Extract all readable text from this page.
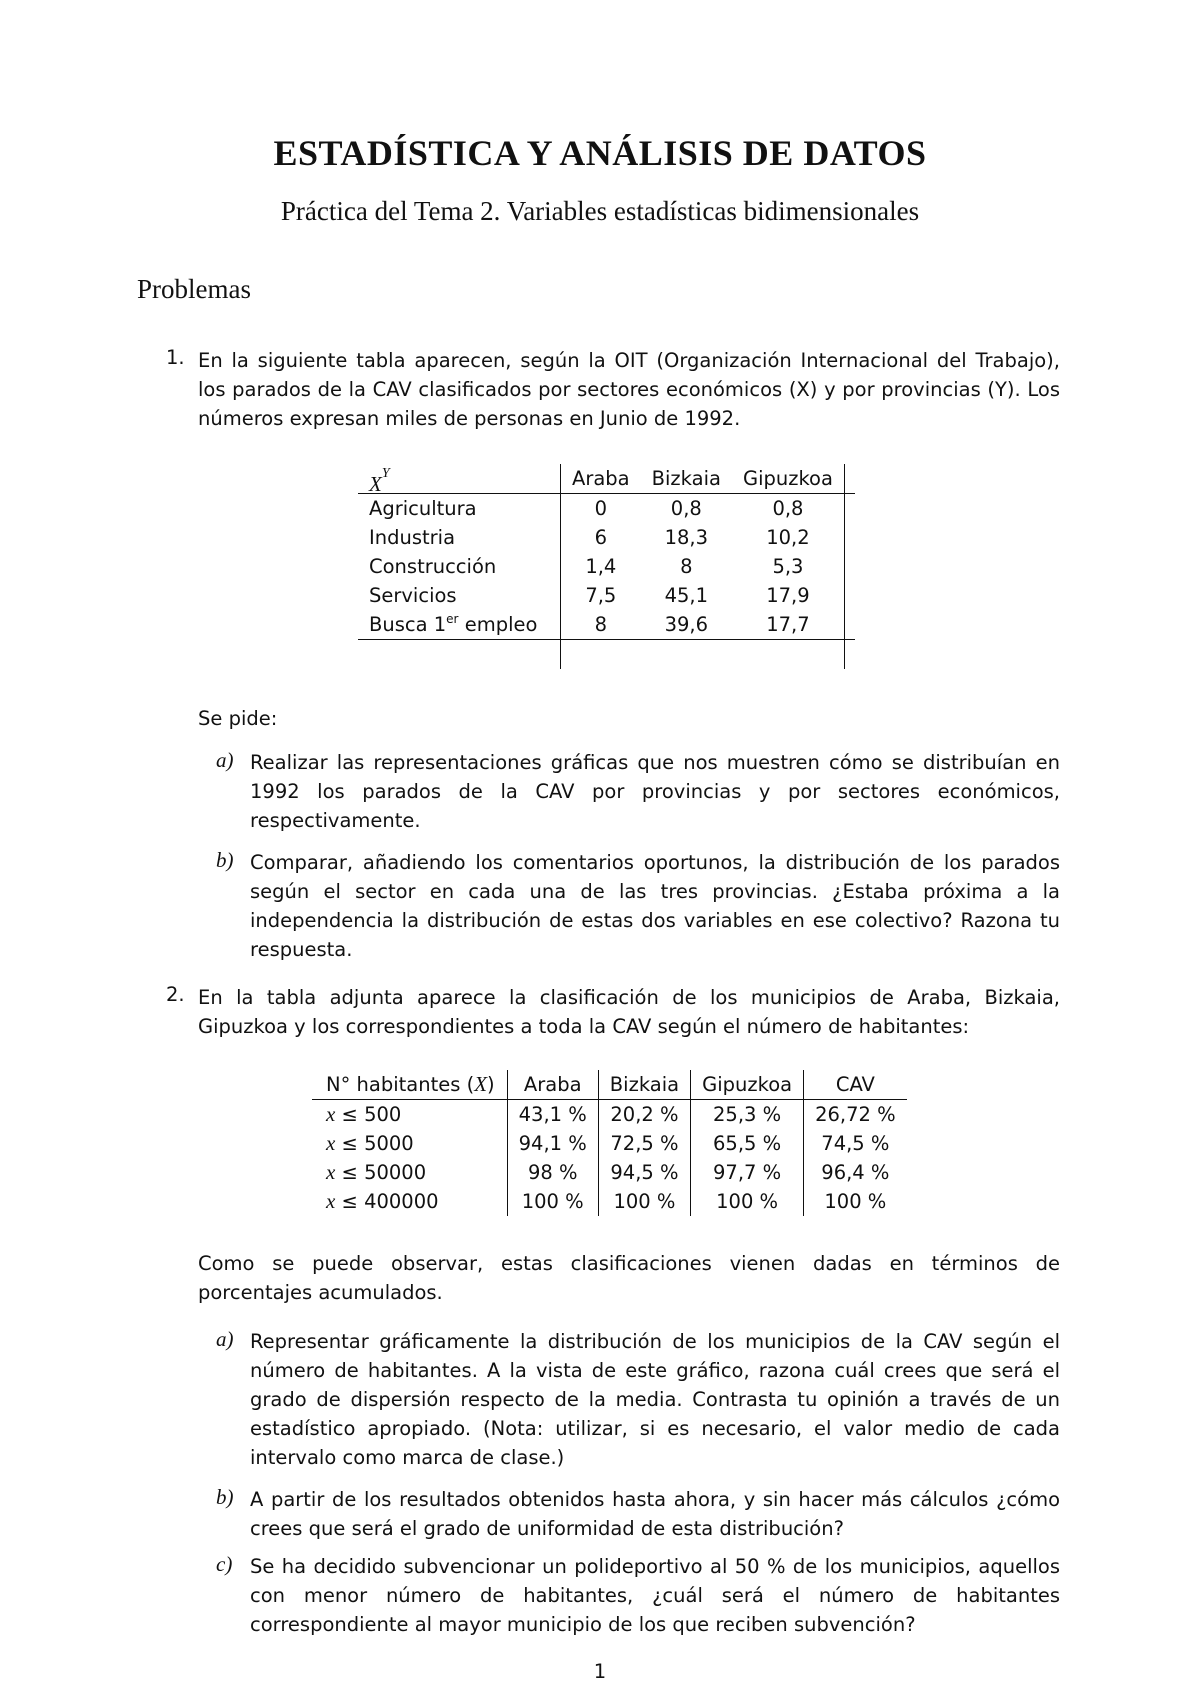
ESTADÍSTICA Y ANÁLISIS DE DATOS
Práctica del Tema 2. Variables estadísticas bidimensionales
Problemas
1. En la siguiente tabla aparecen, según la OIT (Organización Internacional del Trabajo), los parados de la CAV clasificados por sectores económicos (X) y por provincias (Y). Los números expresan miles de personas en Junio de 1992.

$X^Y$	Araba	Bizkaia	Gipuzkoa	
Agricultura	0	0,8	0,8	
Industria	6	18,3	10,2	
Construcción	1,4	8	5,3	
Servicios	7,5	45,1	17,9	
Busca 1er empleo	8	39,6	17,7	

Se pide:

a) Realizar las representaciones gráficas que nos muestren cómo se distribuían en 1992 los parados de la CAV por provincias y por sectores económicos, respectivamente.

b) Comparar, añadiendo los comentarios oportunos, la distribución de los parados según el sector en cada una de las tres provincias. ¿Estaba próxima a la independencia la distribución de estas dos variables en ese colectivo? Razona tu respuesta.

2. En la tabla adjunta aparece la clasificación de los municipios de Araba, Bizkaia, Gipuzkoa y los correspondientes a toda la CAV según el número de habitantes:

N° habitantes (X)	Araba	Bizkaia	Gipuzkoa	CAV
x ≤ 500	43,1 %	20,2 %	25,3 %	26,72 %
x ≤ 5000	94,1 %	72,5 %	65,5 %	74,5 %
x ≤ 50000	98 %	94,5 %	97,7 %	96,4 %
x ≤ 400000	100 %	100 %	100 %	100 %

Como se puede observar, estas clasificaciones vienen dadas en términos de porcentajes acumulados.

a) Representar gráficamente la distribución de los municipios de la CAV según el número de habitantes. A la vista de este gráfico, razona cuál crees que será el grado de dispersión respecto de la media. Contrasta tu opinión a través de un estadístico apropiado. (Nota: utilizar, si es necesario, el valor medio de cada intervalo como marca de clase.)

b) A partir de los resultados obtenidos hasta ahora, y sin hacer más cálculos ¿cómo crees que será el grado de uniformidad de esta distribución?

c) Se ha decidido subvencionar un polideportivo al 50 % de los municipios, aquellos con menor número de habitantes, ¿cuál será el número de habitantes correspondiente al mayor municipio de los que reciben subvención?

1
